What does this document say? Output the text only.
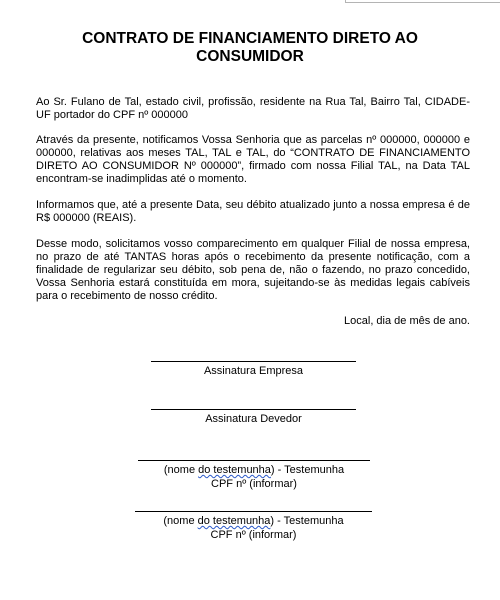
CONTRATO DE FINANCIAMENTO DIRETO AO CONSUMIDOR

Ao Sr. Fulano de Tal, estado civil, profissão, residente na Rua Tal, Bairro Tal, CIDADE-UF portador do CPF nº 000000

Através da presente, notificamos Vossa Senhoria que as parcelas nº 000000, 000000 e 000000, relativas aos meses TAL, TAL e TAL, do “CONTRATO DE FINANCIAMENTO DIRETO AO CONSUMIDOR Nº 000000”, firmado com nossa Filial TAL, na Data TAL encontram-se inadimplidas até o momento.

Informamos que, até a presente Data, seu débito atualizado junto a nossa empresa é de R$ 000000 (REAIS).

Desse modo, solicitamos vosso comparecimento em qualquer Filial de nossa empresa, no prazo de até TANTAS horas após o recebimento da presente notificação, com a finalidade de regularizar seu débito, sob pena de, não o fazendo, no prazo concedido, Vossa Senhoria estará constituída em mora, sujeitando-se às medidas legais cabíveis para o recebimento de nosso crédito.

Local, dia de mês de ano.

Assinatura Empresa
Assinatura Devedor
(nome do testemunha) - Testemunha
CPF nº (informar)
(nome do testemunha) - Testemunha
CPF nº (informar)
